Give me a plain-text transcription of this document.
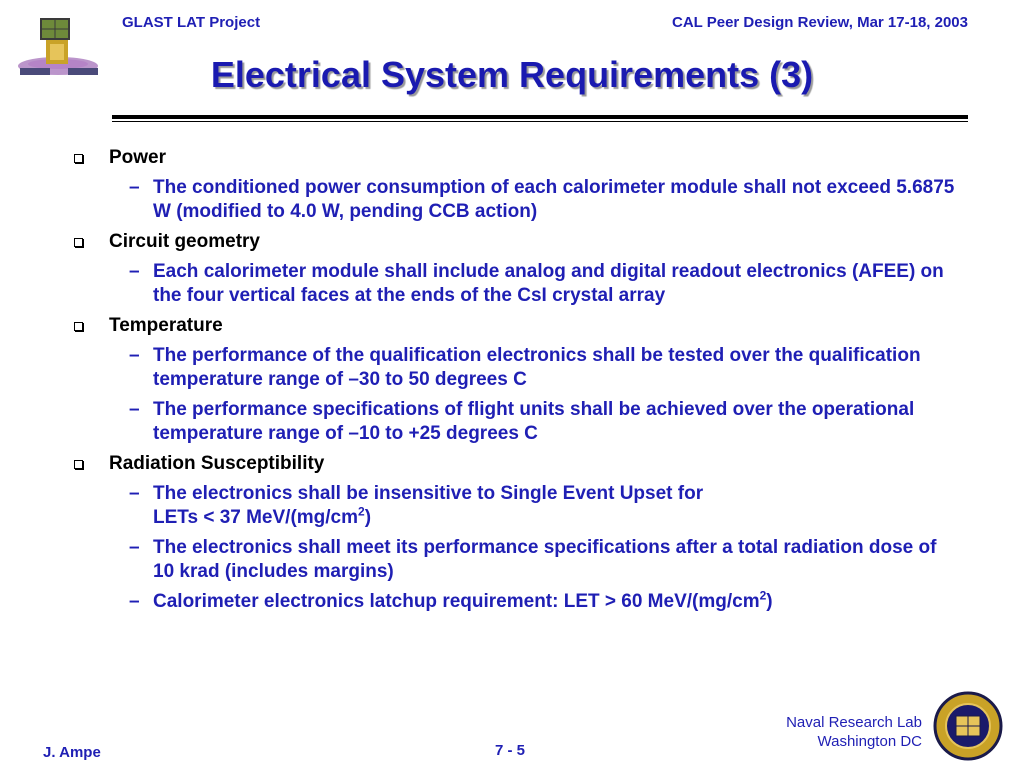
GLAST LAT Project	CAL Peer Design Review, Mar 17-18, 2003
Electrical System Requirements (3)
Power
– The conditioned power consumption of each calorimeter module shall not exceed 5.6875 W (modified to 4.0 W, pending CCB action)
Circuit geometry
– Each calorimeter module shall include analog and digital readout electronics (AFEE) on the four vertical faces at the ends of the CsI crystal array
Temperature
– The performance of the qualification electronics shall be tested over the qualification temperature range of –30 to 50 degrees C
– The performance specifications of flight units shall be achieved over the operational temperature range of –10 to +25 degrees C
Radiation Susceptibility
– The electronics shall be insensitive to Single Event Upset for
LETs < 37 MeV/$(mg/cm^2)$
– The electronics shall meet its performance specifications after a total radiation dose of 10 krad (includes margins)
– Calorimeter electronics latchup requirement: LET > 60 MeV/$(mg/cm^2)$
J. Ampe	7 - 5
Naval Research Lab
Washington DC
